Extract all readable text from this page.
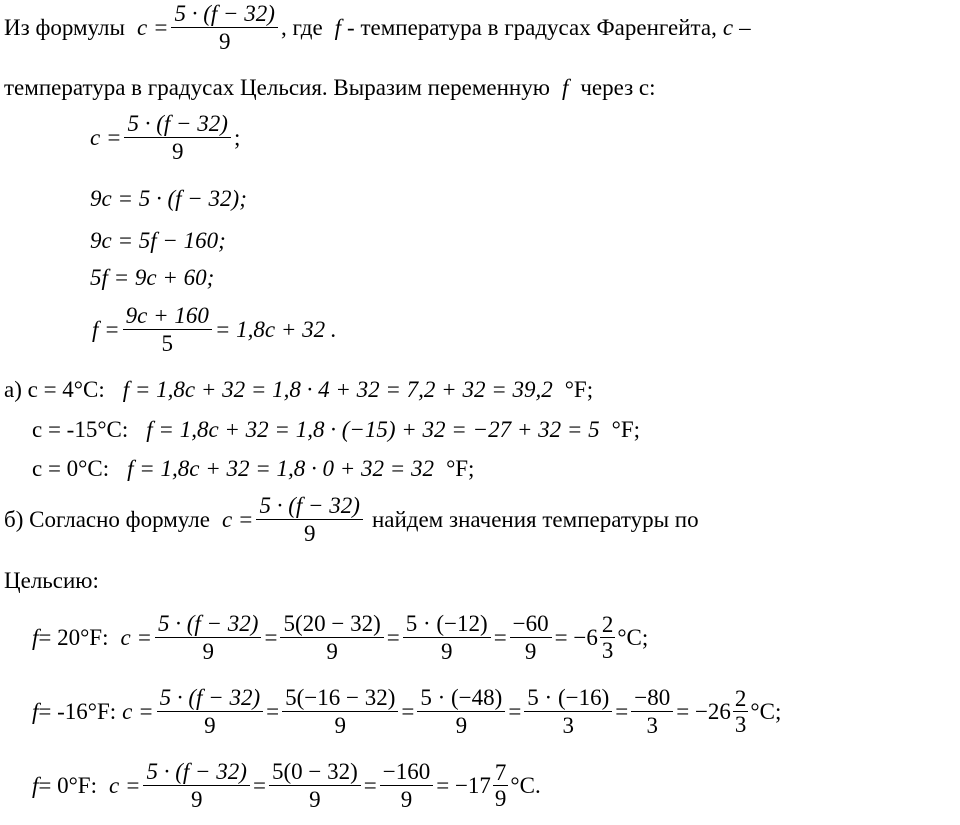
Из формулы $c = \frac{5 \cdot (f - 32)}{9}$ , где f - температура в градусах Фаренгейта, c –
температура в градусах Цельсия. Выразим переменную f через с:
$c = \frac{5 \cdot (f - 32)}{9}$ ;
9c = 5 · (f − 32);
9c = 5f − 160;
5f = 9c + 60;
$f = \frac{9c + 160}{5} = 1,8c + 32$ .
а) с = 4°С: f = 1,8c + 32 = 1,8 · 4 + 32 = 7,2 + 32 = 39,2 °F;
с = -15°С: f = 1,8c + 32 = 1,8 · (−15) + 32 = −27 + 32 = 5 °F;
с = 0°С: f = 1,8c + 32 = 1,8 · 0 + 32 = 32 °F;
б) Согласно формуле $c = \frac{5 \cdot (f - 32)}{9}$ найдем значения температуры по
Цельсию:
f = 20°F: $c = \frac{5 \cdot (f - 32)}{9} = \frac{5(20 - 32)}{9} = \frac{5 \cdot (-12)}{9} = \frac{-60}{9} = -6 \frac{2}{3} ^\circ C$;
f = -16°F: $c = \frac{5 \cdot (f - 32)}{9} = \frac{5(-16 - 32)}{9} = \frac{5 \cdot (-48)}{9} = \frac{5 \cdot (-16)}{3} = \frac{-80}{3} = -26 \frac{2}{3} ^\circ C$;
f = 0°F: $c = \frac{5 \cdot (f - 32)}{9} = \frac{5(0 - 32)}{9} = \frac{-160}{9} = -17 \frac{7}{9} ^\circ C$.
